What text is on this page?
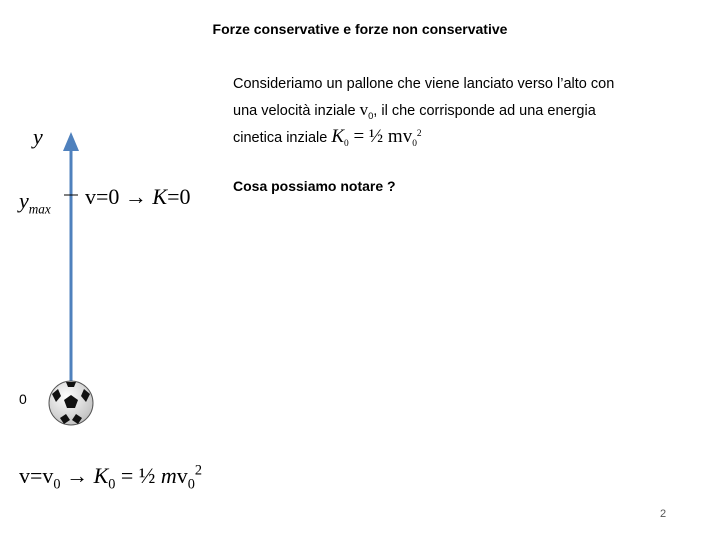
Forze conservative e forze non conservative
Consideriamo un pallone che viene lanciato verso l’alto con
una velocità inziale $v_0$, il che corrisponde ad una energia
cinetica inziale $K_0$ = ½ $mv_0^2$
Cosa possiamo notare ?
y
$y_{max}$
0
v=0 → K=0
$v=v_0 \to K_0$ = ½ $mv_0^2$
2
